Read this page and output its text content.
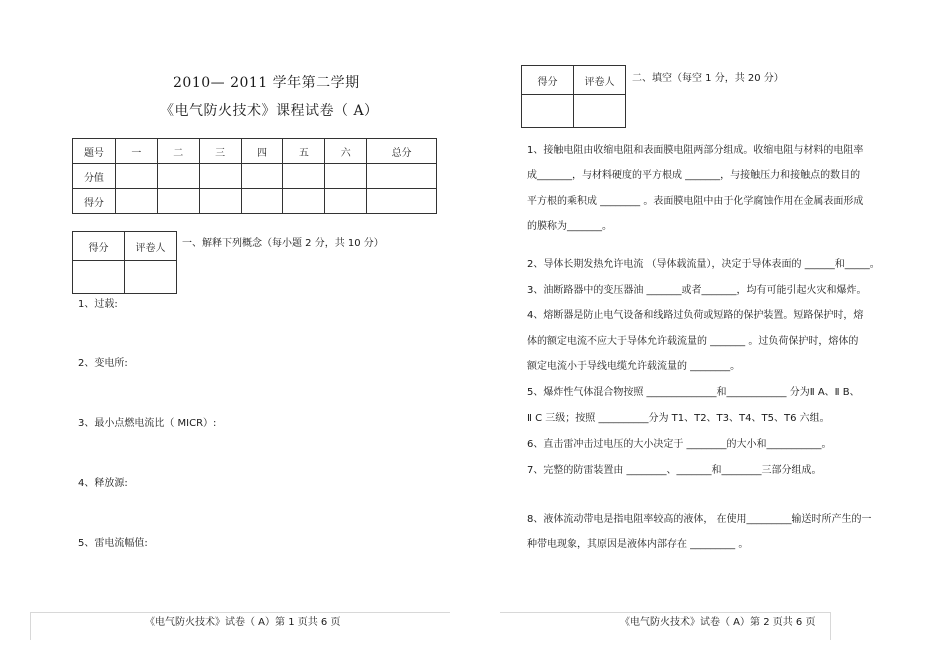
2010— 2011 学年第二学期
《电气防火技术》课程试卷（ A）
题号	一	二	三	四	五	六	总分
分值							
得分							
得分	评卷人
	一、解释下列概念（每小题 2 分，共 10 分）
1、过载:
2、变电所:
3、最小点燃电流比（ MICR）:
4、释放源:
5、雷电流幅值:
《电气防火技术》试卷（ A）第 1 页共 6 页
得分	评卷人
	二、填空（每空 1 分，共 20 分）
1、接触电阻由收缩电阻和表面膜电阻两部分组成。收缩电阻与材料的电阻率
成_______，与材料硬度的平方根成 _______，与接触压力和接触点的数目的
平方根的乘积成 ________ 。表面膜电阻中由于化学腐蚀作用在金属表面形成
的膜称为_______。
2、导体长期发热允许电流 （导体载流量），决定于导体表面的 ______和_____。
3、油断路器中的变压器油 _______或者_______，均有可能引起火灾和爆炸。
4、熔断器是防止电气设备和线路过负荷或短路的保护装置。短路保护时，熔
体的额定电流不应大于导体允许载流量的 _______ 。过负荷保护时，熔体的
额定电流小于导线电缆允许载流量的 ________。
5、爆炸性气体混合物按照 ______________和____________ 分为Ⅱ A、Ⅱ B、
Ⅱ C 三级；按照 __________分为 T1、T2、T3、T4、T5、T6 六组。
6、直击雷冲击过电压的大小决定于 ________的大小和___________。
7、完整的防雷装置由 ________、_______和________三部分组成。
8、液体流动带电是指电阻率较高的液体， 在使用_________输送时所产生的一
种带电现象，其原因是液体内部存在 _________ 。
《电气防火技术》试卷（ A）第 2 页共 6 页
